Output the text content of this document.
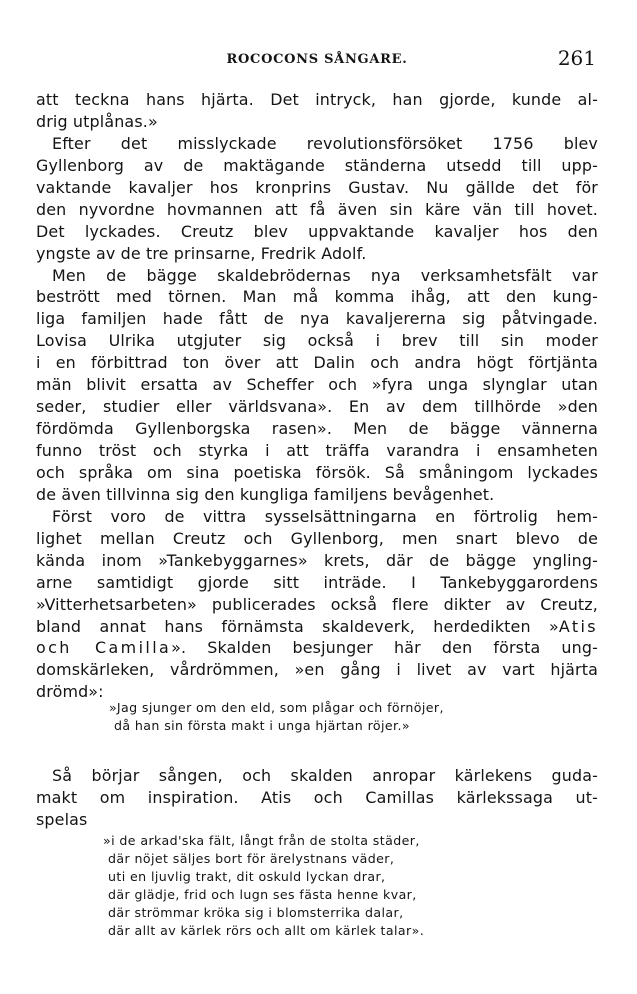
ROCOCONS SÅNGARE.	261
att teckna hans hjärta. Det intryck, han gjorde, kunde al-
drig utplånas.»
Efter det misslyckade revolutionsförsöket 1756 blev
Gyllenborg av de maktägande ständerna utsedd till upp-
vaktande kavaljer hos kronprins Gustav. Nu gällde det för
den nyvordne hovmannen att få även sin käre vän till hovet.
Det lyckades. Creutz blev uppvaktande kavaljer hos den
yngste av de tre prinsarne, Fredrik Adolf.
Men de bägge skaldebrödernas nya verksamhetsfält var
bestrött med törnen. Man må komma ihåg, att den kung-
liga familjen hade fått de nya kavaljererna sig påtvingade.
Lovisa Ulrika utgjuter sig också i brev till sin moder
i en förbittrad ton över att Dalin och andra högt förtjänta
män blivit ersatta av Scheffer och »fyra unga slynglar utan
seder, studier eller världsvana». En av dem tillhörde »den
fördömda Gyllenborgska rasen». Men de bägge vännerna
funno tröst och styrka i att träffa varandra i ensamheten
och språka om sina poetiska försök. Så småningom lyckades
de även tillvinna sig den kungliga familjens bevågenhet.
Först voro de vittra sysselsättningarna en förtrolig hem-
lighet mellan Creutz och Gyllenborg, men snart blevo de
kända inom »Tankebyggarnes» krets, där de bägge yngling-
arne samtidigt gjorde sitt inträde. I Tankebyggarordens
»Vitterhetsarbeten» publicerades också flere dikter av Creutz,
bland annat hans förnämsta skaldeverk, herdedikten »Atis
och Camilla». Skalden besjunger här den första ung-
domskärleken, vårdrömmen, »en gång i livet av vart hjärta
drömd»:
»Jag sjunger om den eld, som plågar och förnöjer,
då han sin första makt i unga hjärtan röjer.»
Så börjar sången, och skalden anropar kärlekens guda-
makt om inspiration. Atis och Camillas kärlekssaga ut-
spelas
»i de arkad'ska fält, långt från de stolta städer,
där nöjet säljes bort för ärelystnans väder,
uti en ljuvlig trakt, dit oskuld lyckan drar,
där glädje, frid och lugn ses fästa henne kvar,
där strömmar kröka sig i blomsterrika dalar,
där allt av kärlek rörs och allt om kärlek talar».
